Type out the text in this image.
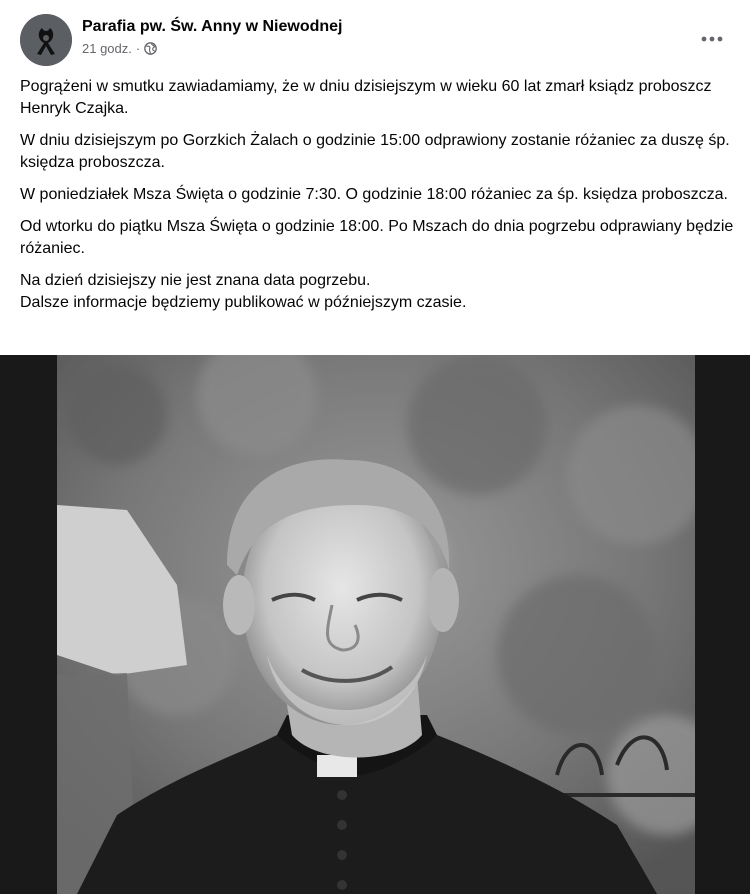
Parafia pw. Św. Anny w Niewodnej
21 godz. ·

Pogrążeni w smutku zawiadamiamy, że w dniu dzisiejszym w wieku 60 lat zmarł ksiądz proboszcz Henryk Czajka.

W dniu dzisiejszym po Gorzkich Żalach o godzinie 15:00 odprawiony zostanie różaniec za duszę śp. księdza proboszcza.

W poniedziałek Msza Święta o godzinie 7:30. O godzinie 18:00 różaniec za śp. księdza proboszcza.

Od wtorku do piątku Msza Święta o godzinie 18:00. Po Mszach do dnia pogrzebu odprawiany będzie różaniec.

Na dzień dzisiejszy nie jest znana data pogrzebu.
Dalsze informacje będziemy publikować w późniejszym czasie.
